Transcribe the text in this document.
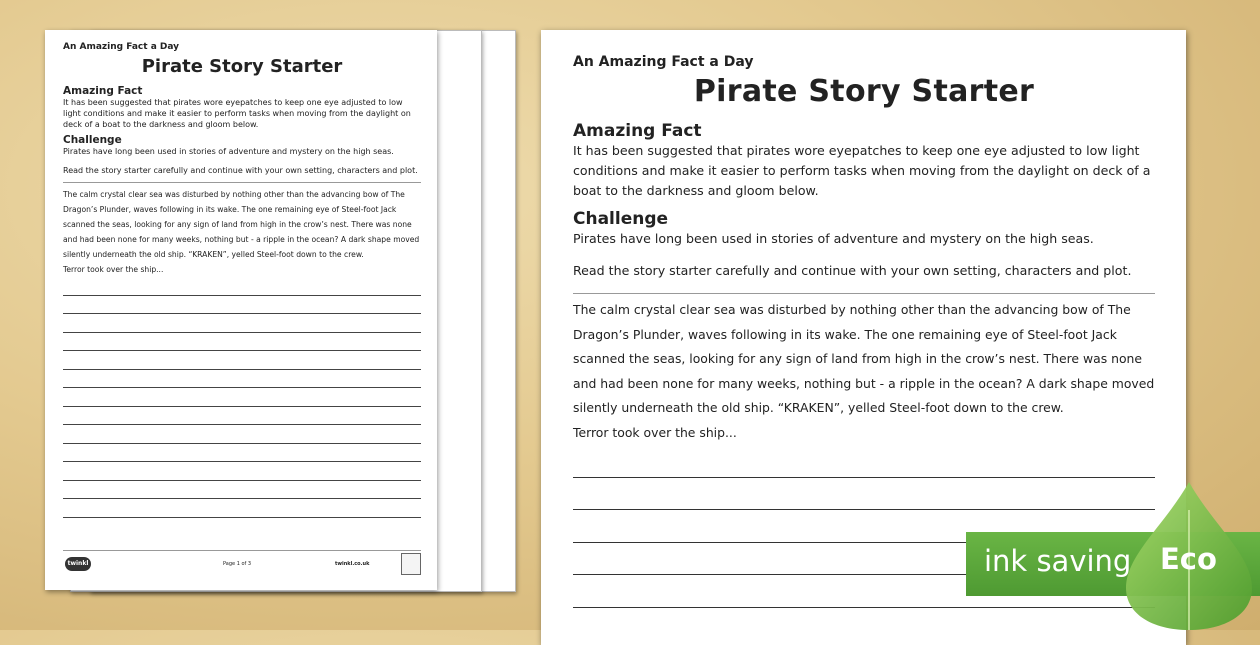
An Amazing Fact a Day

Pirate Story Starter

Amazing Fact

It has been suggested that pirates wore eyepatches to keep one eye adjusted to low light conditions and make it easier to perform tasks when moving from the daylight on deck of a boat to the darkness and gloom below.

Challenge

Pirates have long been used in stories of adventure and mystery on the high seas.

Read the story starter carefully and continue with your own setting, characters and plot.

The calm crystal clear sea was disturbed by nothing other than the advancing bow of The

Dragon’s Plunder, waves following in its wake. The one remaining eye of Steel-foot Jack

scanned the seas, looking for any sign of land from high in the crow’s nest. There was none

and had been none for many weeks, nothing but - a ripple in the ocean? A dark shape moved

silently underneath the old ship. “KRAKEN”, yelled Steel-foot down to the crew.

Terror took over the ship...

twinkl	Page 1 of 3	twinkl.co.uk

An Amazing Fact a Day

Pirate Story Starter

Amazing Fact

It has been suggested that pirates wore eyepatches to keep one eye adjusted to low light conditions and make it easier to perform tasks when moving from the daylight on deck of a boat to the darkness and gloom below.

Challenge

Pirates have long been used in stories of adventure and mystery on the high seas.

Read the story starter carefully and continue with your own setting, characters and plot.

The calm crystal clear sea was disturbed by nothing other than the advancing bow of The

Dragon’s Plunder, waves following in its wake. The one remaining eye of Steel-foot Jack

scanned the seas, looking for any sign of land from high in the crow’s nest. There was none

and had been none for many weeks, nothing but - a ripple in the ocean? A dark shape moved

silently underneath the old ship. “KRAKEN”, yelled Steel-foot down to the crew.

Terror took over the ship...

ink saving Eco
